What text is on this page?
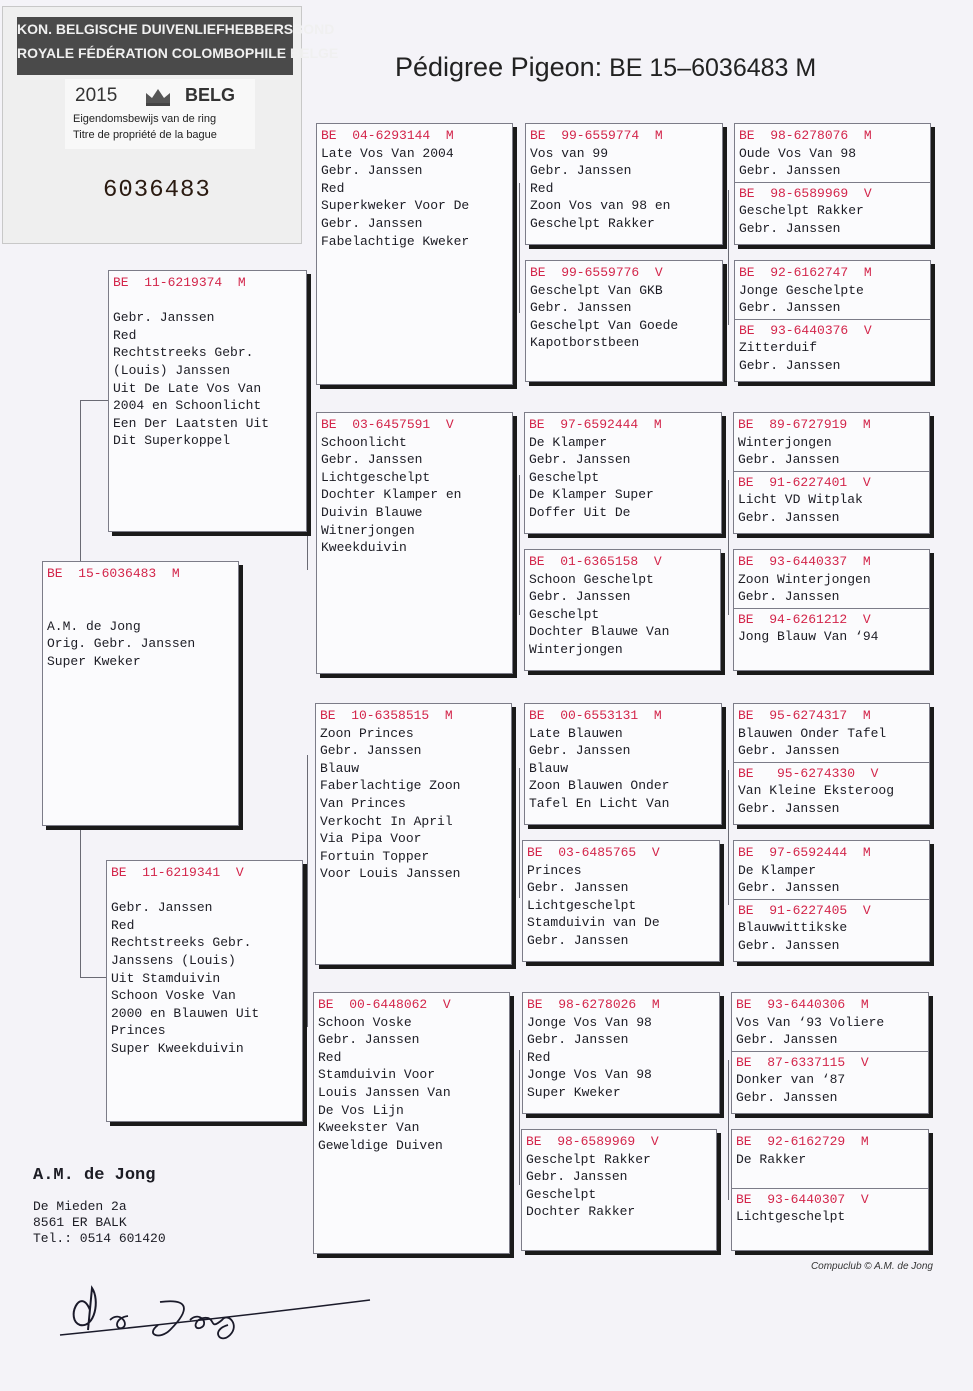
Pédigree Pigeon: BE 15–6036483 M
KON. BELGISCHE DUIVENLIEFHEBBERSBOND
ROYALE FÉDÉRATION COLOMBOPHILE BELGE
2015	BELG
Eigendomsbewijs van de ring
Titre de propriété de la bague
6036483
BE  15-6036483  M
A.M. de Jong
Orig. Gebr. Janssen
Super Kweker
BE  11-6219374  M
Gebr. Janssen
Red
Rechtstreeks Gebr.
(Louis) Janssen
Uit De Late Vos Van
2004 en Schoonlicht
Een Der Laatsten Uit
Dit Superkoppel
BE  11-6219341  V
Gebr. Janssen
Red
Rechtstreeks Gebr.
Janssens (Louis)
Uit Stamduivin
Schoon Voske Van
2000 en Blauwen Uit
Princes
Super Kweekduivin
BE  04-6293144  M
Late Vos Van 2004
Gebr. Janssen
Red
Superkweker Voor De
Gebr. Janssen
Fabelachtige Kweker
BE  03-6457591  V
Schoonlicht
Gebr. Janssen
Lichtgeschelpt
Dochter Klamper en
Duivin Blauwe
Witnerjongen
Kweekduivin
BE  10-6358515  M
Zoon Princes
Gebr. Janssen
Blauw
Faberlachtige Zoon
Van Princes
Verkocht In April
Via Pipa Voor
Fortuin Topper
Voor Louis Janssen
BE  00-6448062  V
Schoon Voske
Gebr. Janssen
Red
Stamduivin Voor
Louis Janssen Van
De Vos Lijn
Kweekster Van
Geweldige Duiven
BE  99-6559774  M
Vos van 99
Gebr. Janssen
Red
Zoon Vos van 98 en
Geschelpt Rakker
BE  99-6559776  V
Geschelpt Van GKB
Gebr. Janssen
Geschelpt Van Goede
Kapotborstbeen
BE  97-6592444  M
De Klamper
Gebr. Janssen
Geschelpt
De Klamper Super
Doffer Uit De
BE  01-6365158  V
Schoon Geschelpt
Gebr. Janssen
Geschelpt
Dochter Blauwe Van
Winterjongen
BE  00-6553131  M
Late Blauwen
Gebr. Janssen
Blauw
Zoon Blauwen Onder
Tafel En Licht Van
BE  03-6485765  V
Princes
Gebr. Janssen
Lichtgeschelpt
Stamduivin van De
Gebr. Janssen
BE  98-6278026  M
Jonge Vos Van 98
Gebr. Janssen
Red
Jonge Vos Van 98
Super Kweker
BE  98-6589969  V
Geschelpt Rakker
Gebr. Janssen
Geschelpt
Dochter Rakker
BE  98-6278076  M
Oude Vos Van 98
Gebr. Janssen
BE  98-6589969  V
Geschelpt Rakker
Gebr. Janssen
BE  92-6162747  M
Jonge Geschelpte
Gebr. Janssen
BE  93-6440376  V
Zitterduif
Gebr. Janssen
BE  89-6727919  M
Winterjongen
Gebr. Janssen
BE  91-6227401  V
Licht VD Witplak
Gebr. Janssen
BE  93-6440337  M
Zoon Winterjongen
Gebr. Janssen
BE  94-6261212  V
Jong Blauw Van ‘94
BE  95-6274317  M
Blauwen Onder Tafel
Gebr. Janssen
BE   95-6274330  V
Van Kleine Eksteroog
Gebr. Janssen
BE  97-6592444  M
De Klamper
Gebr. Janssen
BE  91-6227405  V
Blauwwittikske
Gebr. Janssen
BE  93-6440306  M
Vos Van ‘93 Voliere
Gebr. Janssen
BE  87-6337115  V
Donker van ‘87
Gebr. Janssen
BE  92-6162729  M
De Rakker
BE  93-6440307  V
Lichtgeschelpt
A.M. de Jong
De Mieden 2a
8561 ER BALK
Tel.: 0514 601420
Compuclub © A.M. de Jong
